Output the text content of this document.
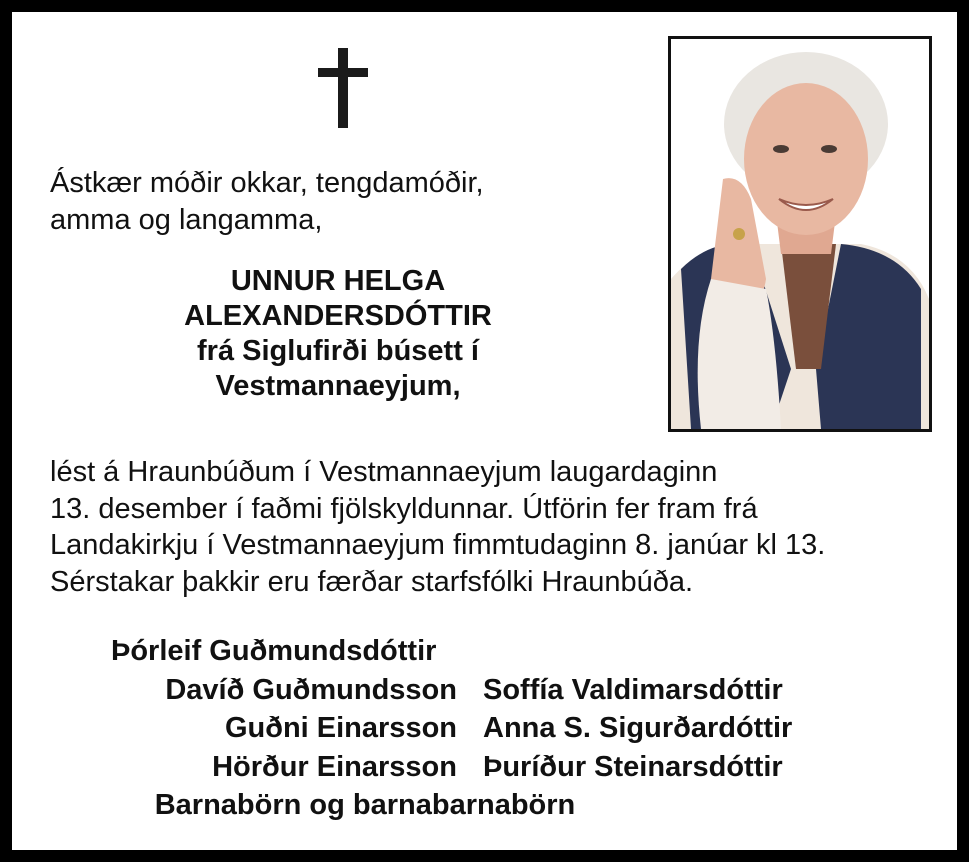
Ástkær móðir okkar, tengdamóðir,
amma og langamma,
UNNUR HELGA
ALEXANDERSDÓTTIR
frá Siglufirði búsett í
Vestmannaeyjum,
lést á Hraunbúðum í Vestmannaeyjum laugardaginn
13. desember í faðmi fjölskyldunnar. Útförin fer fram frá
Landakirkju í Vestmannaeyjum fimmtudaginn 8. janúar kl 13.
Sérstakar þakkir eru færðar starfsfólki Hraunbúða.
Þórleif Guðmundsdóttir
Davíð Guðmundsson Soffía Valdimarsdóttir
Guðni Einarsson Anna S. Sigurðardóttir
Hörður Einarsson Þuríður Steinarsdóttir
Barnabörn og barnabarnabörn
